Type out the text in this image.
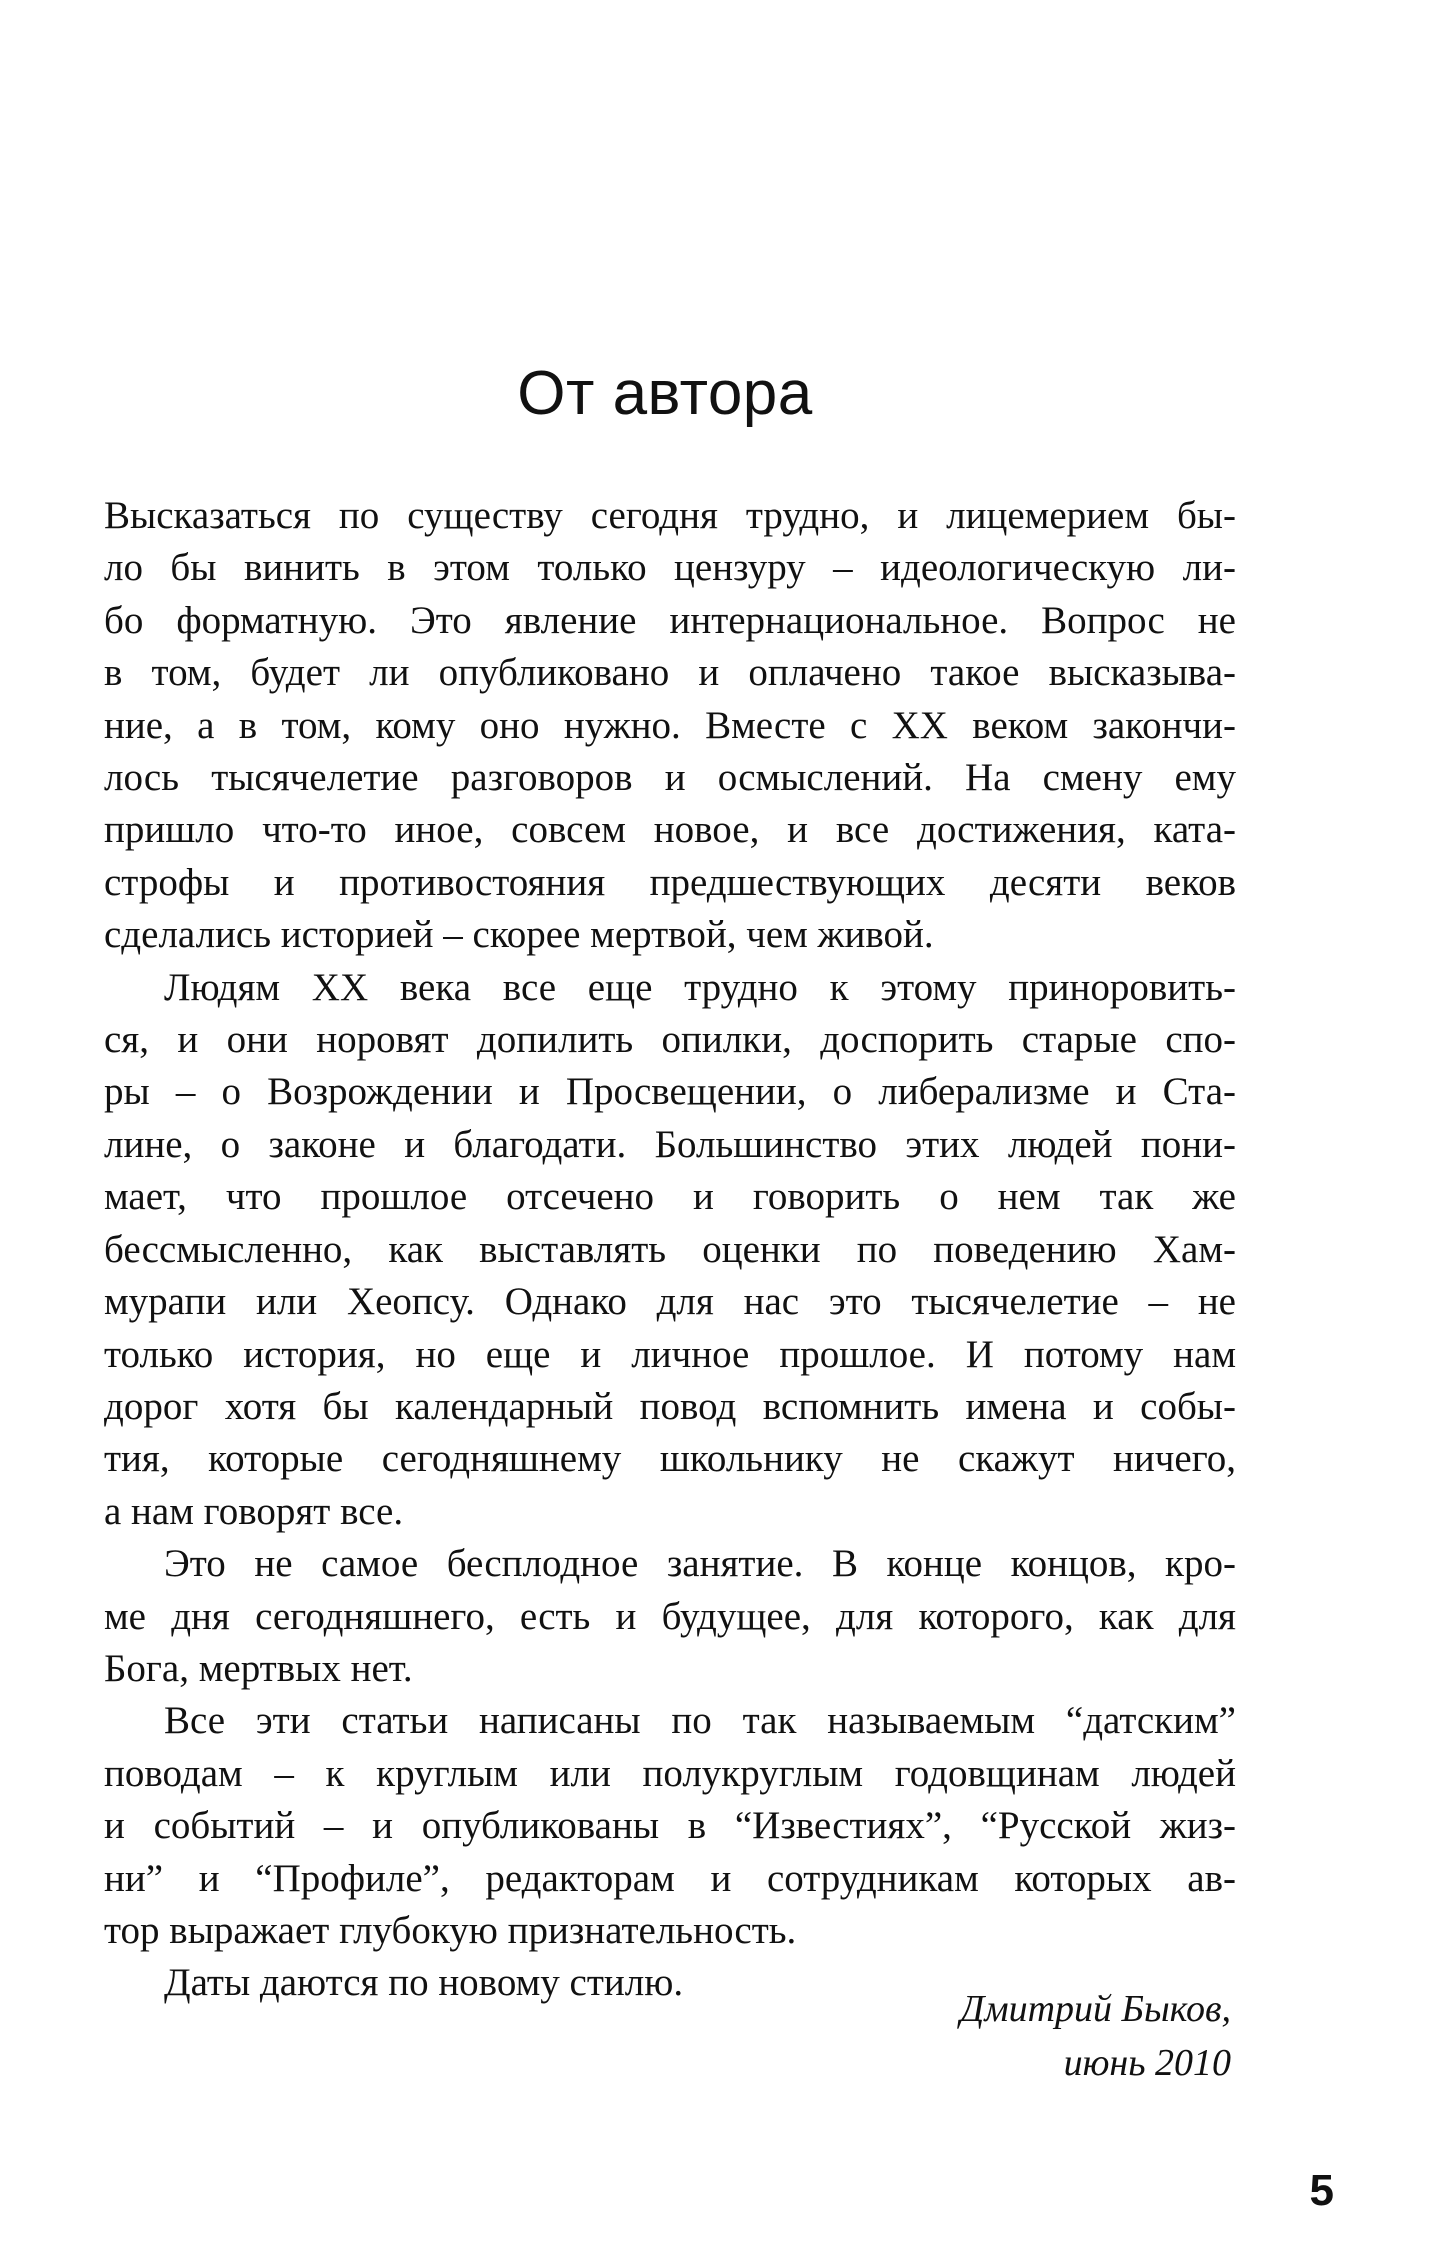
От автора
Высказаться по существу сегодня трудно, и лицемерием бы-
ло бы винить в этом только цензуру – идеологическую ли-
бо форматную. Это явление интернациональное. Вопрос не
в том, будет ли опубликовано и оплачено такое высказыва-
ние, а в том, кому оно нужно. Вместе с XX веком закончи-
лось тысячелетие разговоров и осмыслений. На смену ему
пришло что-то иное, совсем новое, и все достижения, ката-
строфы и противостояния предшествующих десяти веков
сделались историей – скорее мертвой, чем живой.
Людям XX века все еще трудно к этому приноровить-
ся, и они норовят допилить опилки, доспорить старые спо-
ры – о Возрождении и Просвещении, о либерализме и Ста-
лине, о законе и благодати. Большинство этих людей пони-
мает, что прошлое отсечено и говорить о нем так же
бессмысленно, как выставлять оценки по поведению Хам-
мурапи или Хеопсу. Однако для нас это тысячелетие – не
только история, но еще и личное прошлое. И потому нам
дорог хотя бы календарный повод вспомнить имена и собы-
тия, которые сегодняшнему школьнику не скажут ничего,
а нам говорят все.
Это не самое бесплодное занятие. В конце концов, кро-
ме дня сегодняшнего, есть и будущее, для которого, как для
Бога, мертвых нет.
Все эти статьи написаны по так называемым “датским”
поводам – к круглым или полукруглым годовщинам людей
и событий – и опубликованы в “Известиях”, “Русской жиз-
ни” и “Профиле”, редакторам и сотрудникам которых ав-
тор выражает глубокую признательность.
Даты даются по новому стилю.
Дмитрий Быков,
июнь 2010
5
